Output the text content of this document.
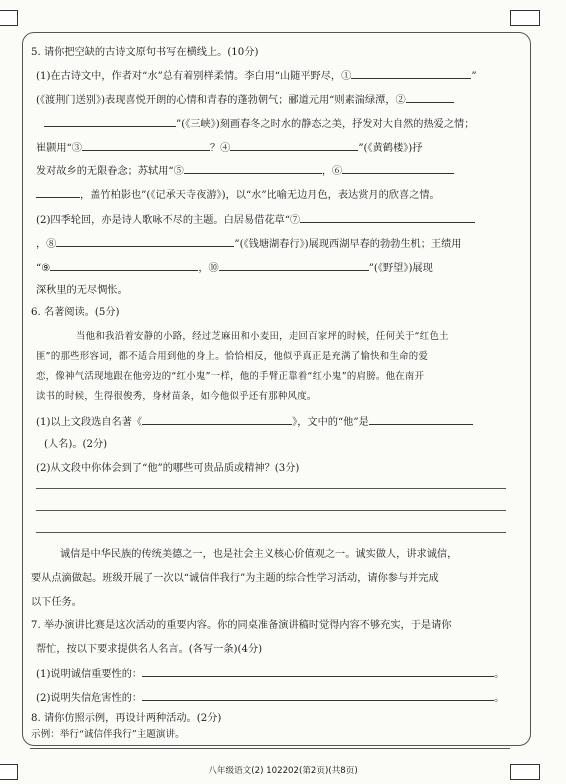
5. 请你把空缺的古诗文原句书写在横线上。(10分)
(1)在古诗文中，作者对“水”总有着别样柔情。李白用“山随平野尽，①	”
(《渡荆门送别》)表现喜悦开朗的心情和青春的蓬勃朝气；郦道元用“则素湍绿潭，②
”(《三峡》)刻画春冬之时水的静态之美，抒发对大自然的热爱之情；
崔颢用“③	？④	”(《黄鹤楼》)抒
发对故乡的无限眷念；苏轼用“⑤	，⑥
，盖竹柏影也”(《记承天寺夜游》)，以“水”比喻无边月色，表达赏月的欣喜之情。
(2)四季轮回，亦是诗人歌咏不尽的主题。白居易借花草“⑦
，⑧	”(《钱塘湖春行》)展现西湖早春的勃勃生机；王绩用
“⑨	，⑩	”(《野望》)展现
深秋里的无尽惆怅。
6. 名著阅读。(5分)
当他和我沿着安静的小路，经过芝麻田和小麦田，走回百家坪的时候，任何关于“红色土
匪”的那些形容词，都不适合用到他的身上。恰恰相反，他似乎真正是充满了愉快和生命的爱
恋，像神气活现地跟在他旁边的“红小鬼”一样，他的手臂正靠着“红小鬼”的肩膀。他在南开
读书的时候，生得很俊秀，身材苗条，如今他似乎还有那种风度。
(1)以上文段选自名著《	》，文中的“他”是
(人名)。(2分)
(2)从文段中你体会到了“他”的哪些可贵品质或精神？(3分)
诚信是中华民族的传统美德之一，也是社会主义核心价值观之一。诚实做人，讲求诚信，
要从点滴做起。班级开展了一次以“诚信伴我行”为主题的综合性学习活动，请你参与并完成
以下任务。
7. 举办演讲比赛是这次活动的重要内容。你的同桌准备演讲稿时觉得内容不够充实，于是请你
帮忙，按以下要求提供名人名言。(各写一条)(4分)
(1)说明诚信重要性的：	。
(2)说明失信危害性的：	。
8. 请你仿照示例，再设计两种活动。(2分)
示例：举行“诚信伴我行”主题演讲。
八年级语文(2) 102202(第2页)(共8页)
